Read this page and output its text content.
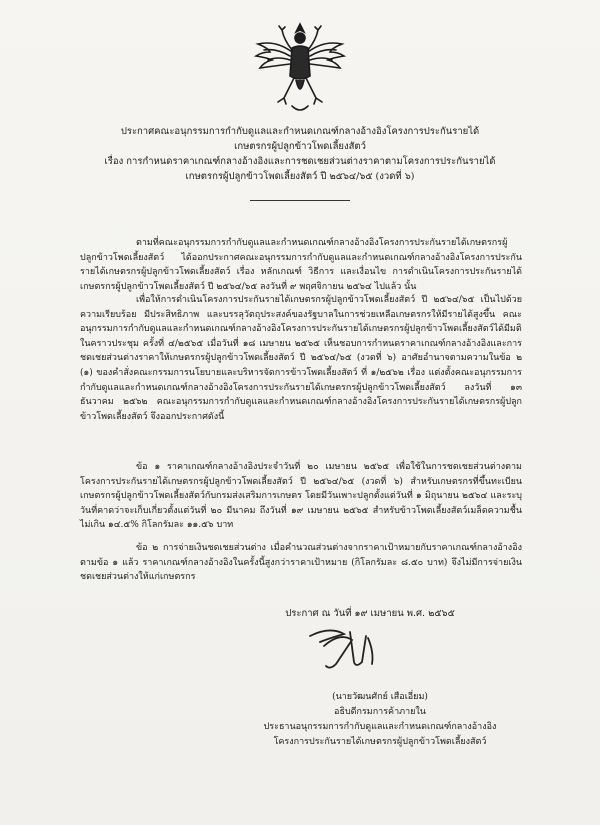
ประกาศคณะอนุกรรมการกำกับดูแลและกำหนดเกณฑ์กลางอ้างอิงโครงการประกันรายได้
เกษตรกรผู้ปลูกข้าวโพดเลี้ยงสัตว์
เรื่อง การกำหนดราคาเกณฑ์กลางอ้างอิงและการชดเชยส่วนต่างราคาตามโครงการประกันรายได้
เกษตรกรผู้ปลูกข้าวโพดเลี้ยงสัตว์ ปี ๒๕๖๔/๖๕ (งวดที่ ๖)

ตามที่คณะอนุกรรมการกำกับดูแลและกำหนดเกณฑ์กลางอ้างอิงโครงการประกันรายได้เกษตรกรผู้ปลูกข้าวโพดเลี้ยงสัตว์ ได้ออกประกาศคณะอนุกรรมการกำกับดูแลและกำหนดเกณฑ์กลางอ้างอิงโครงการประกันรายได้เกษตรกรผู้ปลูกข้าวโพดเลี้ยงสัตว์ เรื่อง หลักเกณฑ์ วิธีการ และเงื่อนไข การดำเนินโครงการประกันรายได้เกษตรกรผู้ปลูกข้าวโพดเลี้ยงสัตว์ ปี ๒๕๖๔/๖๕ ลงวันที่ ๙ พฤศจิกายน ๒๕๖๔ ไปแล้ว นั้น

เพื่อให้การดำเนินโครงการประกันรายได้เกษตรกรผู้ปลูกข้าวโพดเลี้ยงสัตว์ ปี ๒๕๖๔/๖๕ เป็นไปด้วยความเรียบร้อย มีประสิทธิภาพ และบรรลุวัตถุประสงค์ของรัฐบาลในการช่วยเหลือเกษตรกรให้มีรายได้สูงขึ้น คณะอนุกรรมการกำกับดูแลและกำหนดเกณฑ์กลางอ้างอิงโครงการประกันรายได้เกษตรกรผู้ปลูกข้าวโพดเลี้ยงสัตว์ได้มีมติในคราวประชุม ครั้งที่ ๔/๒๕๖๕ เมื่อวันที่ ๑๘ เมษายน ๒๕๖๕ เห็นชอบการกำหนดราคาเกณฑ์กลางอ้างอิงและการชดเชยส่วนต่างราคาให้เกษตรกรผู้ปลูกข้าวโพดเลี้ยงสัตว์ ปี ๒๕๖๔/๖๕ (งวดที่ ๖) อาศัยอำนาจตามความในข้อ ๒ (๑) ของคำสั่งคณะกรรมการนโยบายและบริหารจัดการข้าวโพดเลี้ยงสัตว์ ที่ ๑/๒๕๖๒ เรื่อง แต่งตั้งคณะอนุกรรมการกำกับดูแลและกำหนดเกณฑ์กลางอ้างอิงโครงการประกันรายได้เกษตรกรผู้ปลูกข้าวโพดเลี้ยงสัตว์ ลงวันที่ ๑๓ ธันวาคม ๒๕๖๒ คณะอนุกรรมการกำกับดูแลและกำหนดเกณฑ์กลางอ้างอิงโครงการประกันรายได้เกษตรกรผู้ปลูกข้าวโพดเลี้ยงสัตว์ จึงออกประกาศดังนี้

ข้อ ๑ ราคาเกณฑ์กลางอ้างอิงประจำวันที่ ๒๐ เมษายน ๒๕๖๕ เพื่อใช้ในการชดเชยส่วนต่างตามโครงการประกันรายได้เกษตรกรผู้ปลูกข้าวโพดเลี้ยงสัตว์ ปี ๒๕๖๔/๖๕ (งวดที่ ๖) สำหรับเกษตรกรที่ขึ้นทะเบียนเกษตรกรผู้ปลูกข้าวโพดเลี้ยงสัตว์กับกรมส่งเสริมการเกษตร โดยมีวันเพาะปลูกตั้งแต่วันที่ ๑ มิถุนายน ๒๕๖๔ และระบุวันที่คาดว่าจะเก็บเกี่ยวตั้งแต่วันที่ ๒๐ มีนาคม ถึงวันที่ ๑๙ เมษายน ๒๕๖๕ สำหรับข้าวโพดเลี้ยงสัตว์เมล็ดความชื้นไม่เกิน ๑๔.๕% กิโลกรัมละ ๑๑.๕๖ บาท

ข้อ ๒ การจ่ายเงินชดเชยส่วนต่าง เมื่อคำนวณส่วนต่างจากราคาเป้าหมายกับราคาเกณฑ์กลางอ้างอิงตามข้อ ๑ แล้ว ราคาเกณฑ์กลางอ้างอิงในครั้งนี้สูงกว่าราคาเป้าหมาย (กิโลกรัมละ ๘.๕๐ บาท) จึงไม่มีการจ่ายเงินชดเชยส่วนต่างให้แก่เกษตรกร

ประกาศ ณ วันที่ ๑๙ เมษายน พ.ศ. ๒๕๖๕
(นายวัฒนศักย์ เสือเอี่ยม)
อธิบดีกรมการค้าภายใน
ประธานอนุกรรมการกำกับดูแลและกำหนดเกณฑ์กลางอ้างอิง
โครงการประกันรายได้เกษตรกรผู้ปลูกข้าวโพดเลี้ยงสัตว์
